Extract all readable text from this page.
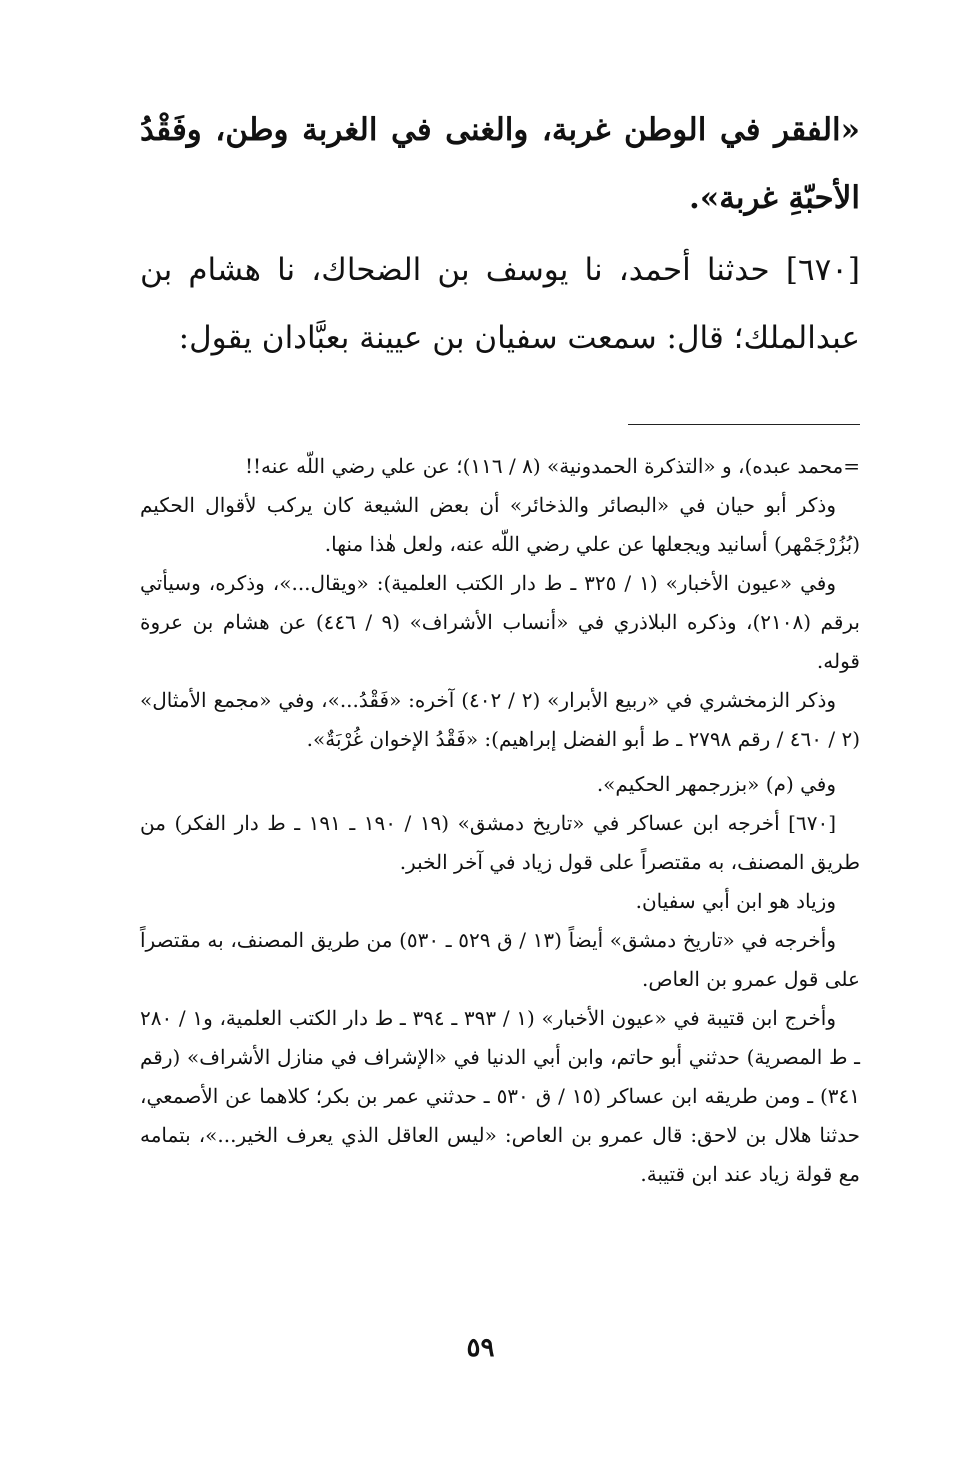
«الفقر في الوطن غربة، والغنى في الغربة وطن، وفَقْدُ الأحبّةِ غربة».

[٦٧٠] حدثنا أحمد، نا يوسف بن الضحاك، نا هشام بن عبدالملك؛ قال: سمعت سفيان بن عيينة بعبَّادان يقول:

=محمد عبده)، و «التذكرة الحمدونية» (٨ / ١١٦)؛ عن علي رضي اللّه عنه!!

وذكر أبو حيان في «البصائر والذخائر» أن بعض الشيعة كان يركب لأقوال الحكيم (بُزُرْجَمْهر) أسانيد ويجعلها عن علي رضي اللّه عنه، ولعل هٰذا منها.

وفي «عيون الأخبار» (١ / ٣٢٥ ـ ط دار الكتب العلمية): «ويقال...»، وذكره، وسيأتي برقم (٢١٠٨)، وذكره البلاذري في «أنساب الأشراف» (٩ / ٤٤٦) عن هشام بن عروة قوله.

وذكر الزمخشري في «ربيع الأبرار» (٢ / ٤٠٢) آخره: «فَقْدُ...»، وفي «مجمع الأمثال» (٢ / ٤٦٠ / رقم ٢٧٩٨ ـ ط أبو الفضل إبراهيم): «فَقْدُ الإخوان غُرْبَةٌ».

وفي (م) «بزرجمهر الحكيم».

[٦٧٠] أخرجه ابن عساكر في «تاريخ دمشق» (١٩ / ١٩٠ ـ ١٩١ ـ ط دار الفكر) من طريق المصنف، به مقتصراً على قول زياد في آخر الخبر.

وزياد هو ابن أبي سفيان.

وأخرجه في «تاريخ دمشق» أيضاً (١٣ / ق ٥٢٩ ـ ٥٣٠) من طريق المصنف، به مقتصراً على قول عمرو بن العاص.

وأخرج ابن قتيبة في «عيون الأخبار» (١ / ٣٩٣ ـ ٣٩٤ ـ ط دار الكتب العلمية، و١ / ٢٨٠ ـ ط المصرية) حدثني أبو حاتم، وابن أبي الدنيا في «الإشراف في منازل الأشراف» (رقم ٣٤١) ـ ومن طريقه ابن عساكر (١٥ / ق ٥٣٠ ـ حدثني عمر بن بكر؛ كلاهما عن الأصمعي، حدثنا هلال بن لاحق: قال عمرو بن العاص: «ليس العاقل الذي يعرف الخير...»، بتمامه مع قولة زياد عند ابن قتيبة.

٥٩
